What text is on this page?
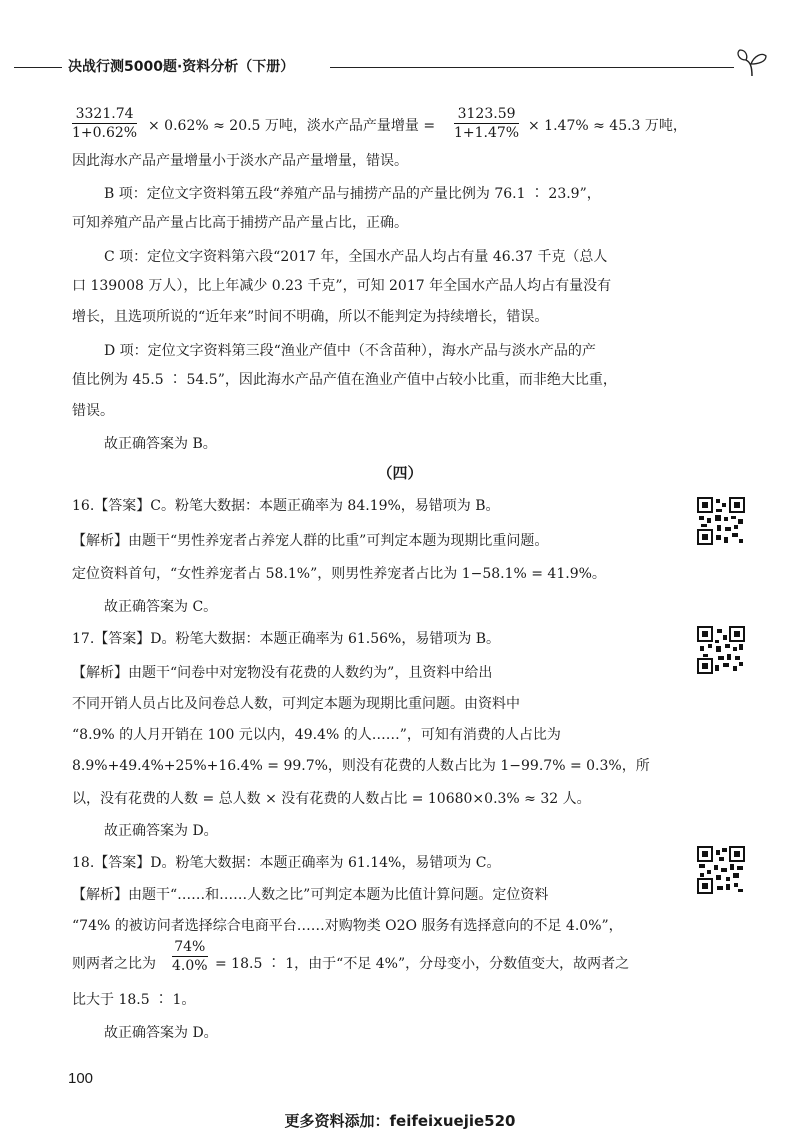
决战行测5000题·资料分析（下册）
$\frac{3321.74}{1+0.62\%} \times 0.62\% \approx 20.5$ 万吨，淡水产品产量增量 = $\frac{3123.59}{1+1.47\%} \times 1.47\% \approx 45.3$ 万吨，
因此海水产品产量增量小于淡水产品产量增量，错误。
B 项：定位文字资料第五段“养殖产品与捕捞产品的产量比例为 76.1 ∶ 23.9”，
可知养殖产品产量占比高于捕捞产品产量占比，正确。
C 项：定位文字资料第六段“2017 年，全国水产品人均占有量 46.37 千克（总人
口 139008 万人），比上年减少 0.23 千克”，可知 2017 年全国水产品人均占有量没有
增长，且选项所说的“近年来”时间不明确，所以不能判定为持续增长，错误。
D 项：定位文字资料第三段“渔业产值中（不含苗种），海水产品与淡水产品的产
值比例为 45.5 ∶ 54.5”，因此海水产品产值在渔业产值中占较小比重，而非绝大比重，
错误。
故正确答案为 B。
（四）
16.【答案】C。粉笔大数据：本题正确率为 84.19%，易错项为 B。
【解析】由题干“男性养宠者占养宠人群的比重”可判定本题为现期比重问题。
定位资料首句，“女性养宠者占 58.1%”，则男性养宠者占比为 1−58.1% = 41.9%。
故正确答案为 C。
17.【答案】D。粉笔大数据：本题正确率为 61.56%，易错项为 B。
【解析】由题干“问卷中对宠物没有花费的人数约为”，且资料中给出
不同开销人员占比及问卷总人数，可判定本题为现期比重问题。由资料中
“8.9% 的人月开销在 100 元以内，49.4% 的人……”，可知有消费的人占比为
8.9%+49.4%+25%+16.4% = 99.7%，则没有花费的人数占比为 1−99.7% = 0.3%，所
以，没有花费的人数 = 总人数 × 没有花费的人数占比 = 10680×0.3% ≈ 32 人。
故正确答案为 D。
18.【答案】D。粉笔大数据：本题正确率为 61.14%，易错项为 C。
【解析】由题干“……和……人数之比”可判定本题为比值计算问题。定位资料
“74% 的被访问者选择综合电商平台……对购物类 O2O 服务有选择意向的不足 4.0%”，
则两者之比为 $\frac{74\%}{4.0\%} = 18.5$ ∶ 1，由于“不足 4%”，分母变小，分数值变大，故两者之
比大于 18.5 ∶ 1。
故正确答案为 D。
100
更多资料添加：feifeixuejie520
